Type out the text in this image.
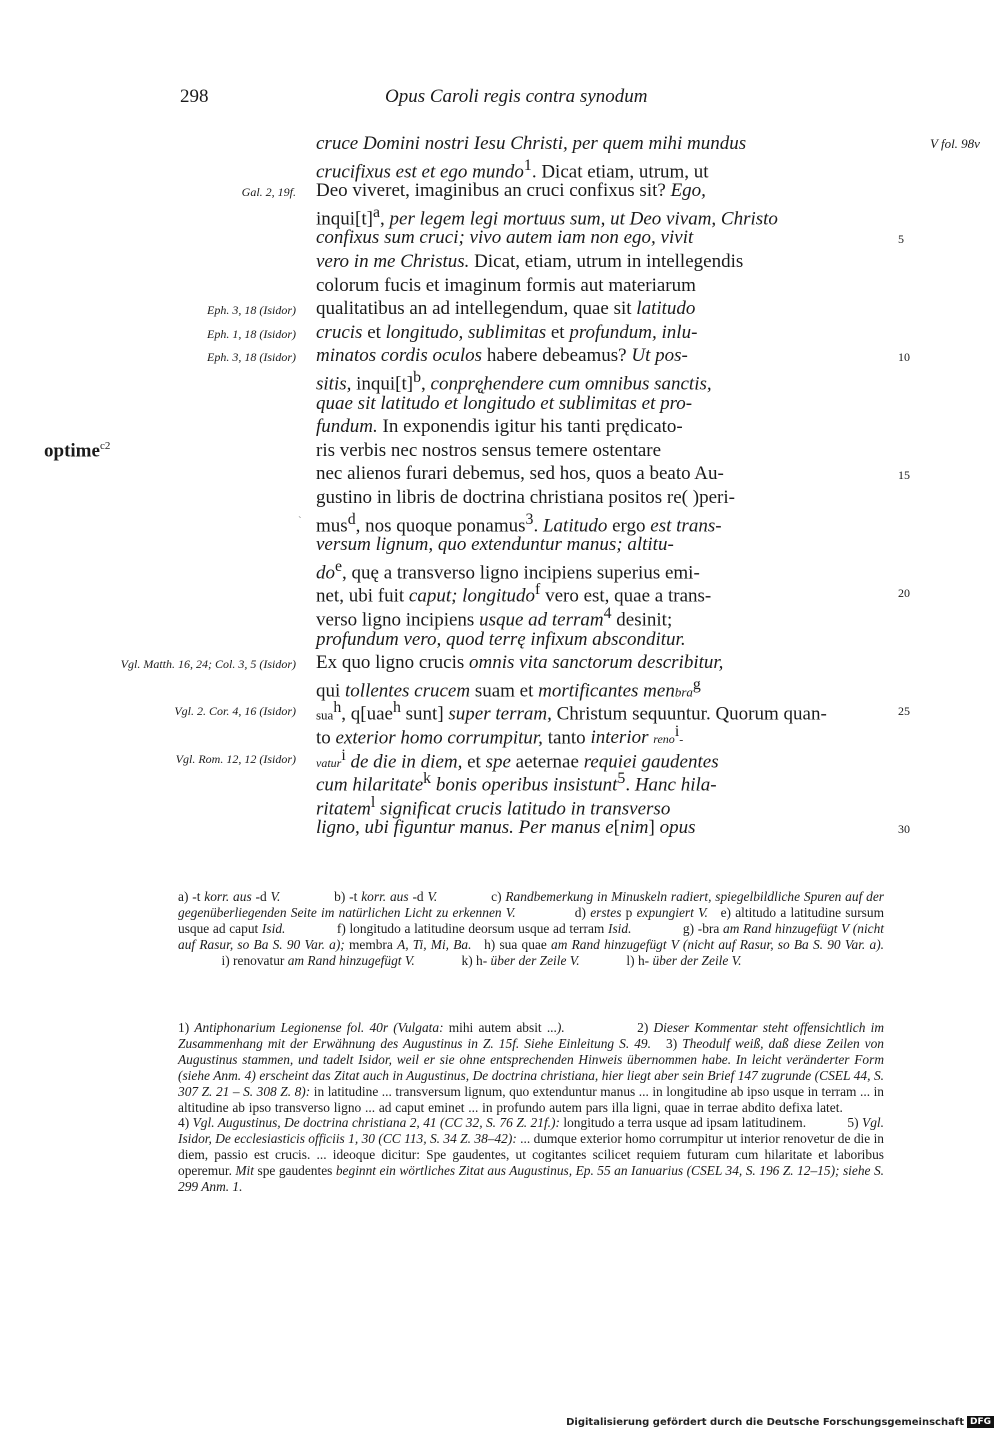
298	Opus Caroli regis contra synodum
V fol. 98v
optime$^{c2}$
cruce Domini nostri Iesu Christi, per quem mihi mundus
crucifixus est et ego mundo$^1$. Dicat etiam, utrum, ut
Deo viveret, imaginibus an cruci confixus sit? Ego,
$inqui[t]^a$, per legem legi mortuus sum, ut Deo vivam, Christo
confixus sum cruci; vivo autem iam non ego, vivit
vero in me Christus. Dicat, etiam, utrum in intellegendis
colorum fucis et imaginum formis aut materiarum
qualitatibus an ad intellegendum, quae sit latitudo
crucis et longitudo, sublimitas et profundum, inlu-
minatos cordis oculos habere debeamus? Ut pos-
sitis, $inqui[t]^b$, conprę̨hendere cum omnibus sanctis,
quae sit latitudo et longitudo et sublimitas et pro-
fundum. In exponendis igitur his tanti prędicato-
ris verbis nec nostros sensus temere ostentare
nec alienos furari debemus, sed hos, quos a beato Au-
gustino in libris de doctrina christiana positos re( )peri-
mus$^d$, nos quoque ponamus$^3$. Latitudo ergo est trans-
versum lignum, quo extenduntur manus; altitu-
$do^e$, quę a transverso ligno incipiens superius emi-
net, ubi fuit caput; longitudo$^f$ vero est, quae a trans-
verso ligno incipiens usque ad terram$^4$ desinit;
profundum vero, quod terrę infixum absconditur.
Ex quo ligno crucis omnis vita sanctorum describitur,
qui tollentes crucem suam et mortificantes menbra$^g$
sua$^h$, q[uae$^h$ sunt] super terram, Christum sequuntur. Quorum quan-
to exterior homo corrumpitur, tanto interior reno$^i$-
vatur$^i$ de die in diem, et spe aeternae requiei gaudentes
cum hilaritate$^k$ bonis operibus insistunt$^5$. Hanc hila-
ritatem$^l$ significat crucis latitudo in transverso
ligno, ubi figuntur manus. Per manus e[nim] opus
Gal. 2, 19f.
Eph. 3, 18 (Isidor)
Eph. 1, 18 (Isidor)
Eph. 3, 18 (Isidor)
Vgl. Matth. 16, 24; Col. 3, 5 (Isidor)
Vgl. 2. Cor. 4, 16 (Isidor)
Vgl. Rom. 12, 12 (Isidor)
5
10
15
20
25
30
`
a) -t korr. aus -d V.              b) -t korr. aus -d V.              c) Randbemerkung in Minuskeln radiert, spiegelbildliche Spuren auf der gegenüberliegenden Seite im natürlichen Licht zu erkennen V.              d) erstes p expungiert V.   e) altitudo a latitudine sursum usque ad caput Isid.              f) longitudo a latitudine deorsum usque ad terram Isid.              g) -bra am Rand hinzugefügt V (nicht auf Rasur, so Ba S. 90 Var. a); membra A, Ti, Mi, Ba.   h) sua quae am Rand hinzugefügt V (nicht auf Rasur, so Ba S. 90 Var. a).              i) renovatur am Rand hinzugefügt V.              k) h- über der Zeile V.              l) h- über der Zeile V.
1) Antiphonarium Legionense fol. 40r (Vulgata: mihi autem absit ...).              2) Dieser Kommentar steht offensichtlich im Zusammenhang mit der Erwähnung des Augustinus in Z. 15f. Siehe Einleitung S. 49.   3) Theodulf weiß, daß diese Zeilen von Augustinus stammen, und tadelt Isidor, weil er sie ohne entsprechenden Hinweis übernommen habe. In leicht veränderter Form (siehe Anm. 4) erscheint das Zitat auch in Augustinus, De doctrina christiana, hier liegt aber sein Brief 147 zugrunde (CSEL 44, S. 307 Z. 21 – S. 308 Z. 8): in latitudine ... transversum lignum, quo extenduntur manus ... in longitudine ab ipso usque in terram ... in altitudine ab ipso transverso ligno ... ad caput eminet ... in profundo autem pars illa ligni, quae in terrae abdito defixa latet.            4) Vgl. Augustinus, De doctrina christiana 2, 41 (CC 32, S. 76 Z. 21f.): longitudo a terra usque ad ipsam latitudinem.            5) Vgl. Isidor, De ecclesiasticis officiis 1, 30 (CC 113, S. 34 Z. 38–42): ... dumque exterior homo corrumpitur ut interior renovetur de die in diem, passio est crucis. ... ideoque dicitur: Spe gaudentes, ut cogitantes scilicet requiem futuram cum hilaritate et laboribus operemur. Mit spe gaudentes beginnt ein wörtliches Zitat aus Augustinus, Ep. 55 an Ianuarius (CSEL 34, S. 196 Z. 12–15); siehe S. 299 Anm. 1.
Digitalisierung gefördert durch die Deutsche Forschungsgemeinschaft DFG
